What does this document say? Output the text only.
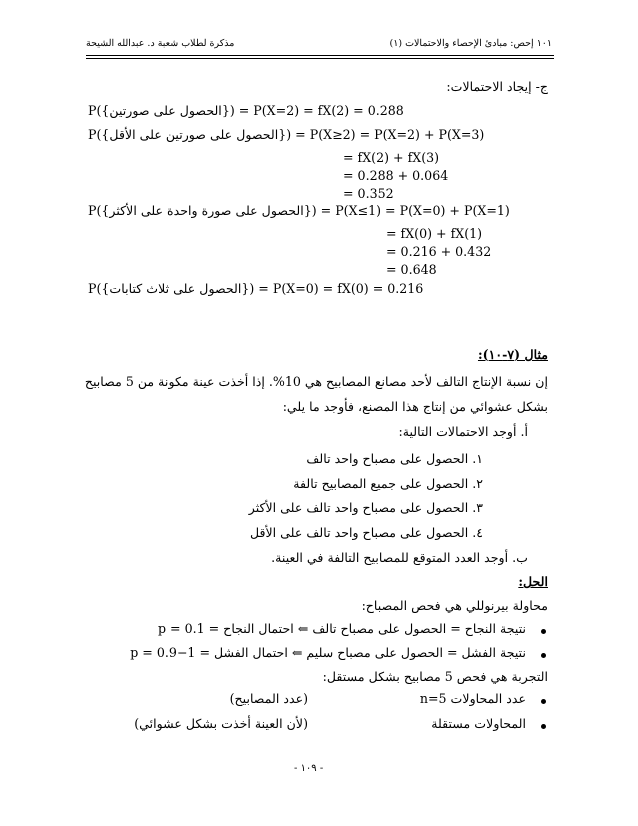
١٠١ إحص: مبادئ الإحصاء والاحتمالات (١)
مذكرة لطلاب شعبة د. عبدالله الشيحة
ج- إيجاد الاحتمالات:
P({الحصول على صورتين}) = P(X=2) = fX(2) = 0.288
P({الحصول على صورتين على الأقل}) = P(X≥2) = P(X=2) + P(X=3)
= fX(2) + fX(3)
= 0.288 + 0.064
= 0.352
P({الحصول على صورة واحدة على الأكثر}) = P(X≤1) = P(X=0) + P(X=1)
= fX(0) + fX(1)
= 0.216 + 0.432
= 0.648
P({الحصول على ثلاث كتابات}) = P(X=0) = fX(0) = 0.216
مثال (٧-١٠):
إن نسبة الإنتاج التالف لأحد مصانع المصابيح هي 10%. إذا أخذت عينة مكونة من 5 مصابيح
بشكل عشوائي من إنتاج هذا المصنع، فأوجد ما يلي:
أ. أوجد الاحتمالات التالية:
١. الحصول على مصباح واحد تالف
٢. الحصول على جميع المصابيح تالفة
٣. الحصول على مصباح واحد تالف على الأكثر
٤. الحصول على مصباح واحد تالف على الأقل
ب. أوجد العدد المتوقع للمصابيح التالفة في العينة.
الحل:
محاولة بيرنوللي هي فحص المصباح:
نتيجة النجاح = الحصول على مصباح تالف ⇐ احتمال النجاح = p = 0.1
نتيجة الفشل = الحصول على مصباح سليم ⇐ احتمال الفشل = 1−p = 0.9
التجربة هي فحص 5 مصابيح بشكل مستقل:
عدد المحاولات n=5
(عدد المصابيح)
المحاولات مستقلة
(لأن العينة أخذت بشكل عشوائي)
- ١٠٩ -
